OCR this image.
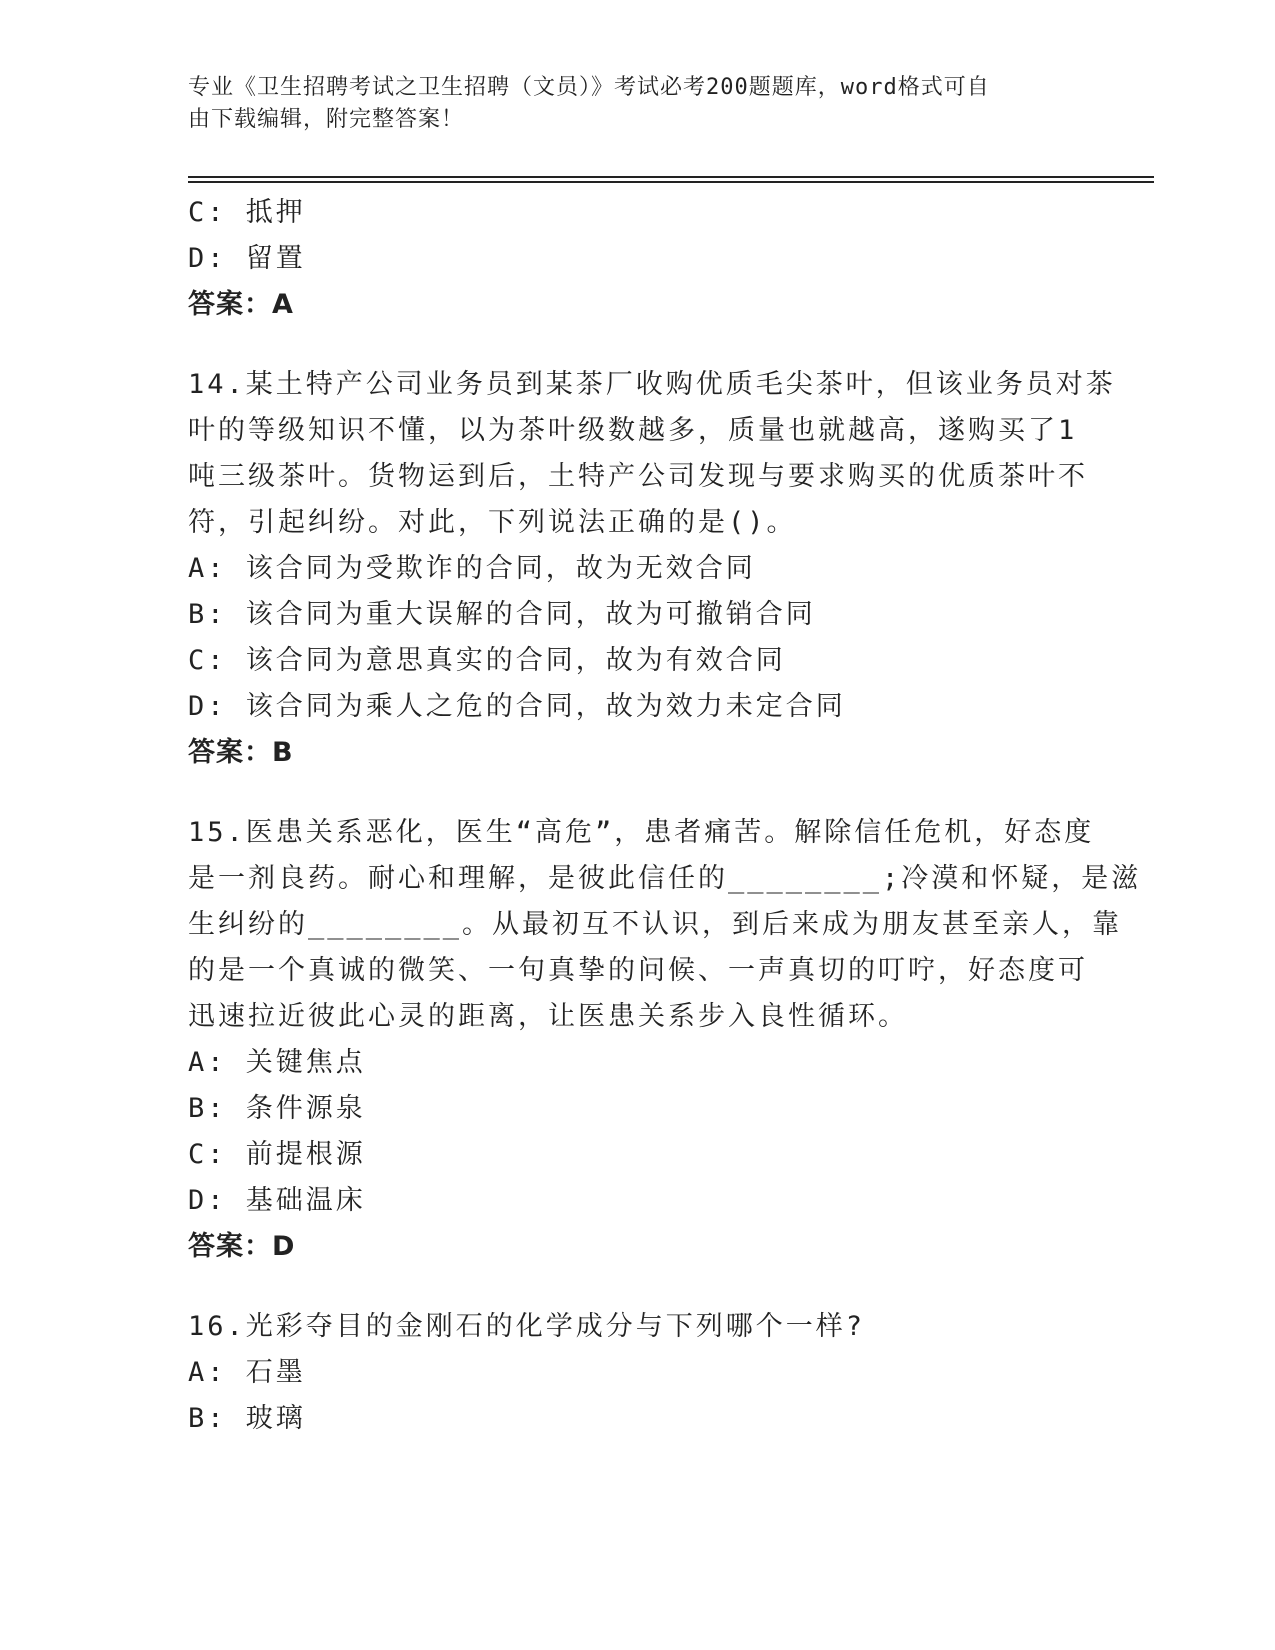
专业《卫生招聘考试之卫生招聘（文员）》考试必考200题题库，word格式可自
由下载编辑，附完整答案！
C: 抵押
D: 留置
答案：A
14.某土特产公司业务员到某茶厂收购优质毛尖茶叶，但该业务员对茶
叶的等级知识不懂，以为茶叶级数越多，质量也就越高，遂购买了1
吨三级茶叶。货物运到后，土特产公司发现与要求购买的优质茶叶不
符，引起纠纷。对此，下列说法正确的是()。
A: 该合同为受欺诈的合同，故为无效合同
B: 该合同为重大误解的合同，故为可撤销合同
C: 该合同为意思真实的合同，故为有效合同
D: 该合同为乘人之危的合同，故为效力未定合同
答案：B
15.医患关系恶化，医生“高危”，患者痛苦。解除信任危机，好态度
是一剂良药。耐心和理解，是彼此信任的________;冷漠和怀疑，是滋
生纠纷的________。从最初互不认识，到后来成为朋友甚至亲人，靠
的是一个真诚的微笑、一句真挚的问候、一声真切的叮咛，好态度可
迅速拉近彼此心灵的距离，让医患关系步入良性循环。
A: 关键焦点
B: 条件源泉
C: 前提根源
D: 基础温床
答案：D
16.光彩夺目的金刚石的化学成分与下列哪个一样?
A: 石墨
B: 玻璃
